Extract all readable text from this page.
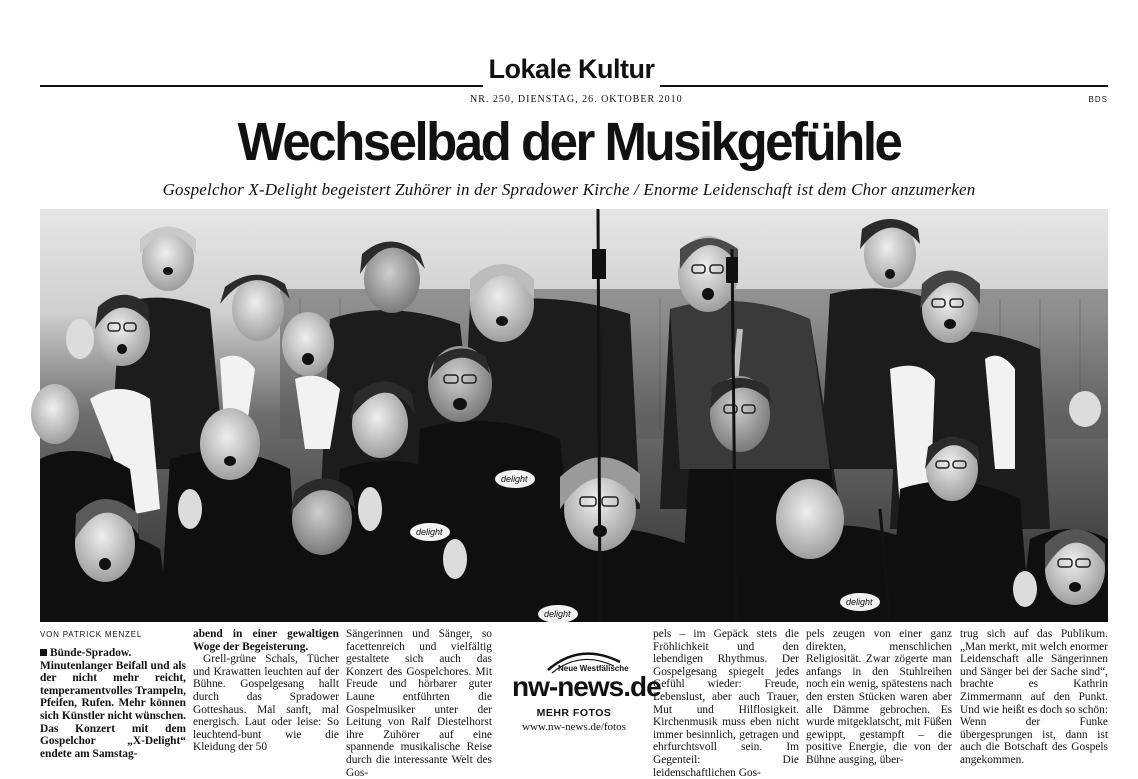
Lokale Kultur
NR. 250, DIENSTAG, 26. OKTOBER 2010	BDS
Wechselbad der Musikgefühle
Gospelchor X-Delight begeistert Zuhörer in der Spradower Kirche / Enormе Leidenschaft ist dem Chor anzumerken
delight
delight
delight
delight
VON PATRICK MENZEL

Bünde-Spradow. Minutenlanger Beifall und als der nicht mehr reicht, temperamentvolles Trampeln, Pfeifen, Rufen. Mehr können sich Künstler nicht wünschen. Das Konzert mit dem Gospelchor „X-Delight“ endete am Samstag-

abend in einer gewaltigen Woge der Begeisterung.

Grell-grüne Schals, Tücher und Krawatten leuchten auf der Bühne. Gospelgesang hallt durch das Spradower Gotteshaus. Mal sanft, mal energisch. Laut oder leise: So leuchtend-bunt wie die Kleidung der 50

Sängerinnen und Sänger, so facettenreich und vielfältig gestaltete sich auch das Konzert des Gospelchores. Mit Freude und hörbarer guter Laune entführten die Gospelmusiker unter der Leitung von Ralf Diestelhorst ihre Zuhörer auf eine spannende musikalische Reise durch die interessante Welt des Gos-

Neue Westfälische
nw-news.de
MEHR FOTOS
www.nw-news.de/fotos

pels – im Gepäck stets die Fröhlichkeit und den lebendigen Rhythmus. Der Gospelgesang spiegelt jedes Gefühl wieder: Freude, Lebenslust, aber auch Trauer, Mut und Hilflosigkeit. Kirchenmusik muss eben nicht immer besinnlich, getragen und ehrfurchtsvoll sein. Im Gegenteil: Die leidenschaftlichen Gos-

pels zeugen von einer ganz direkten, menschlichen Religiosität. Zwar zögerte man anfangs in den Stuhlreihen noch ein wenig, spätestens nach den ersten Stücken waren aber alle Dämme gebrochen. Es wurde mitgeklatscht, mit Füßen gewippt, gestampft – die positive Energie, die von der Bühne ausging, über-

trug sich auf das Publikum. „Man merkt, mit welch enormer Leidenschaft alle Sängerinnen und Sänger bei der Sache sind“, brachte es Kathrin Zimmermann auf den Punkt. Und wie heißt es doch so schön: Wenn der Funke übergesprungen ist, dann ist auch die Botschaft des Gospels angekommen.
